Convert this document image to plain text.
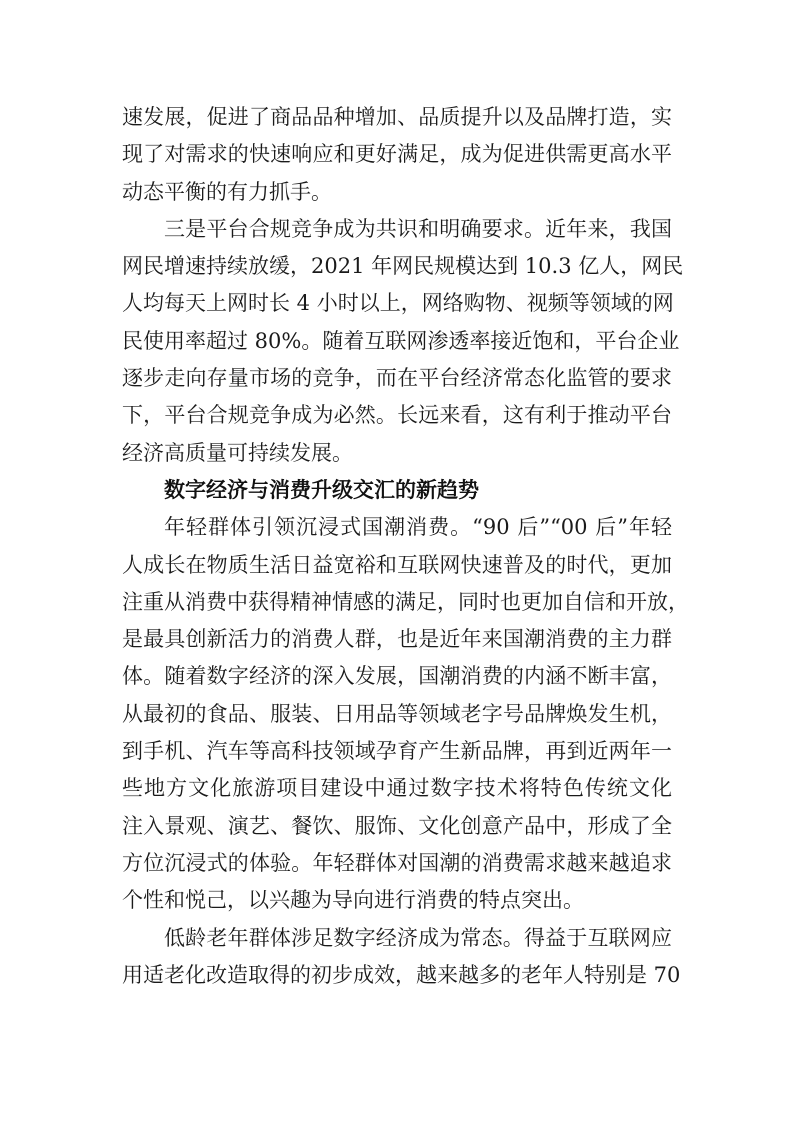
速发展，促进了商品品种增加、品质提升以及品牌打造，实
现了对需求的快速响应和更好满足，成为促进供需更高水平
动态平衡的有力抓手。
三是平台合规竞争成为共识和明确要求。近年来，我国
网民增速持续放缓，2021 年网民规模达到 10.3 亿人，网民
人均每天上网时长 4 小时以上，网络购物、视频等领域的网
民使用率超过 80%。随着互联网渗透率接近饱和，平台企业
逐步走向存量市场的竞争，而在平台经济常态化监管的要求
下，平台合规竞争成为必然。长远来看，这有利于推动平台
经济高质量可持续发展。
数字经济与消费升级交汇的新趋势
年轻群体引领沉浸式国潮消费。“90 后”“00 后”年轻
人成长在物质生活日益宽裕和互联网快速普及的时代，更加
注重从消费中获得精神情感的满足，同时也更加自信和开放，
是最具创新活力的消费人群，也是近年来国潮消费的主力群
体。随着数字经济的深入发展，国潮消费的内涵不断丰富，
从最初的食品、服装、日用品等领域老字号品牌焕发生机，
到手机、汽车等高科技领域孕育产生新品牌，再到近两年一
些地方文化旅游项目建设中通过数字技术将特色传统文化
注入景观、演艺、餐饮、服饰、文化创意产品中，形成了全
方位沉浸式的体验。年轻群体对国潮的消费需求越来越追求
个性和悦己，以兴趣为导向进行消费的特点突出。
低龄老年群体涉足数字经济成为常态。得益于互联网应
用适老化改造取得的初步成效，越来越多的老年人特别是 70
